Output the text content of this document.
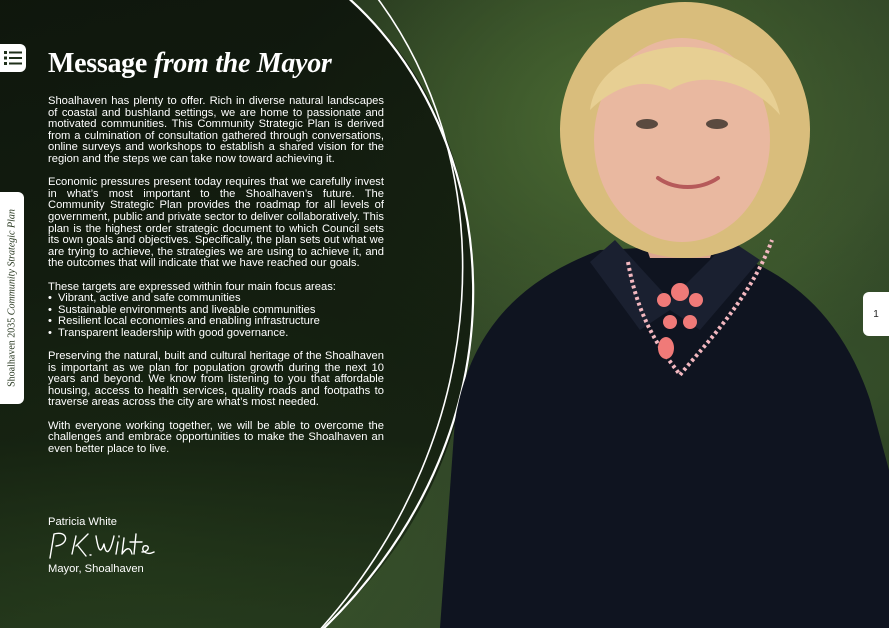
Shoalhaven 2035 Community Strategic Plan	1
Message from the Mayor

Shoalhaven has plenty to offer. Rich in diverse natural landscapes of coastal and bushland settings, we are home to passionate and motivated communities. This Community Strategic Plan is derived from a culmination of consultation gathered through conversations, online surveys and workshops to establish a shared vision for the region and the steps we can take now toward achieving it.

Economic pressures present today requires that we carefully invest in what’s most important to the Shoalhaven’s future. The Community Strategic Plan provides the roadmap for all levels of government, public and private sector to deliver collaboratively. This plan is the highest order strategic document to which Council sets its own goals and objectives. Specifically, the plan sets out what we are trying to achieve, the strategies we are using to achieve it, and the outcomes that will indicate that we have reached our goals.

These targets are expressed within four main focus areas:

• Vibrant, active and safe communities
• Sustainable environments and liveable communities
• Resilient local economies and enabling infrastructure
• Transparent leadership with good governance.

Preserving the natural, built and cultural heritage of the Shoalhaven is important as we plan for population growth during the next 10 years and beyond. We know from listening to you that affordable housing, access to health services, quality roads and footpaths to traverse areas across the city are what’s most needed.

With everyone working together, we will be able to overcome the challenges and embrace opportunities to make the Shoalhaven an even better place to live.

Patricia White
Mayor, Shoalhaven
